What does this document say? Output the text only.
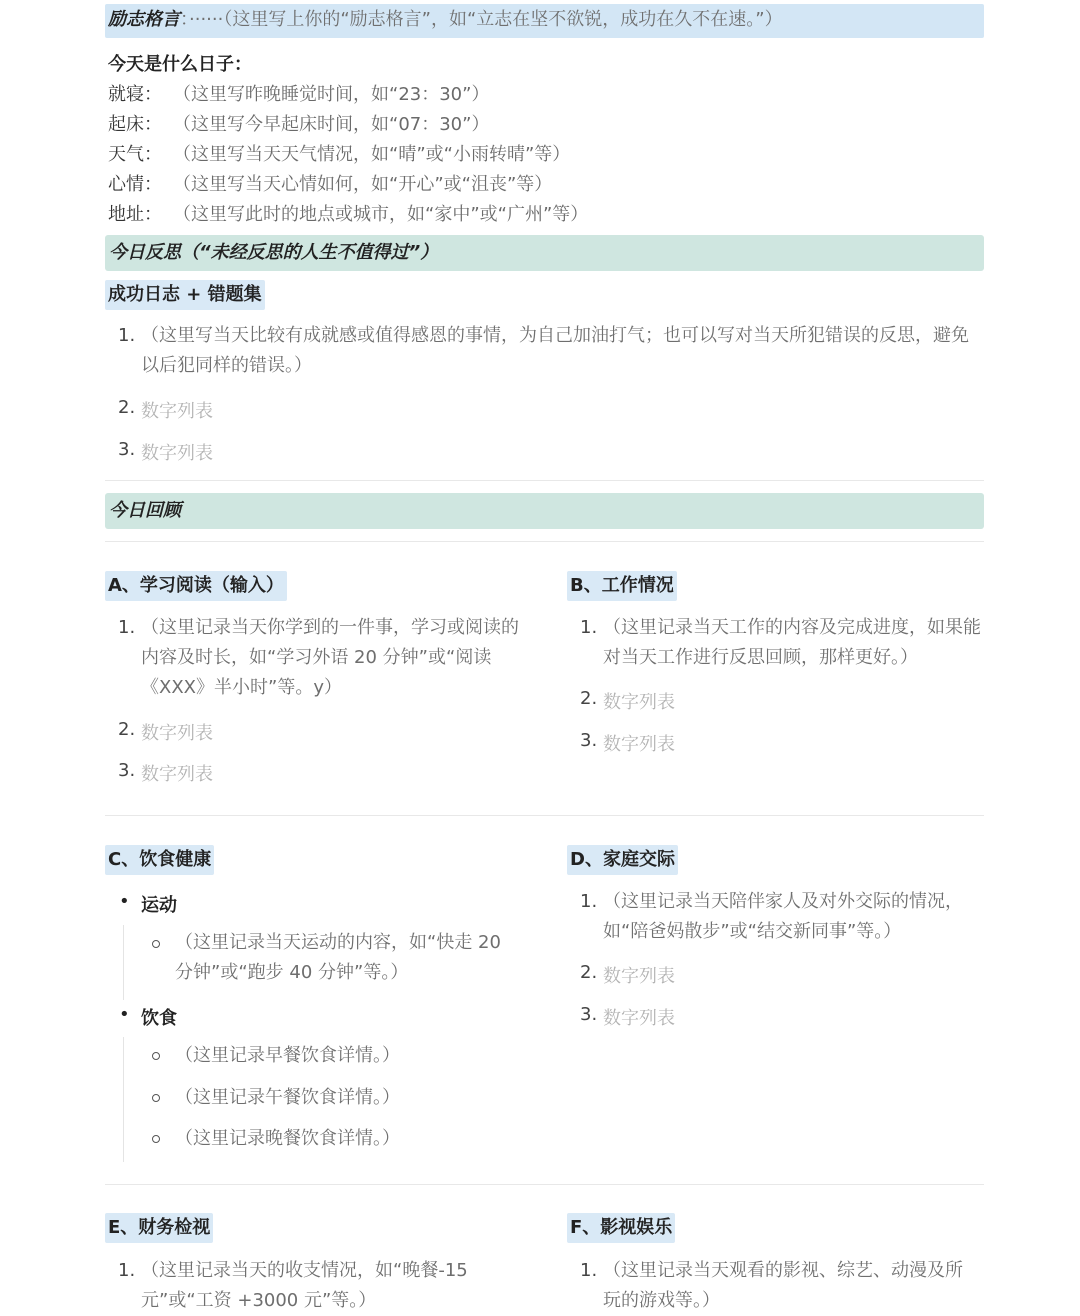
励志格言：······（这里写上你的“励志格言”，如“立志在坚不欲锐，成功在久不在速。”）
今天是什么日子：
就寝： （这里写昨晚睡觉时间，如“23：30”）
起床： （这里写今早起床时间，如“07：30”）
天气： （这里写当天天气情况，如“晴”或“小雨转晴”等）
心情： （这里写当天心情如何，如“开心”或“沮丧”等）
地址： （这里写此时的地点或城市，如“家中”或“广州”等）
今日反思（“未经反思的人生不值得过”）
成功日志 + 错题集
1. （这里写当天比较有成就感或值得感恩的事情，为自己加油打气；也可以写对当天所犯错误的反思，避免以后犯同样的错误。）
2. 数字列表
3. 数字列表
今日回顾
A、学习阅读（输入）
1. （这里记录当天你学到的一件事，学习或阅读的内容及时长，如“学习外语 20 分钟”或“阅读《XXX》半小时”等。y）
2. 数字列表
3. 数字列表
B、工作情况
1. （这里记录当天工作的内容及完成进度，如果能对当天工作进行反思回顾，那样更好。）
2. 数字列表
3. 数字列表
C、饮食健康
• 运动
（这里记录当天运动的内容，如“快走 20 分钟”或“跑步 40 分钟”等。）
• 饮食
（这里记录早餐饮食详情。）
（这里记录午餐饮食详情。）
（这里记录晚餐饮食详情。）
D、家庭交际
1. （这里记录当天陪伴家人及对外交际的情况，如“陪爸妈散步”或“结交新同事”等。）
2. 数字列表
3. 数字列表
E、财务检视
1. （这里记录当天的收支情况，如“晚餐-15 元”或“工资 +3000 元”等。）
F、影视娱乐
1. （这里记录当天观看的影视、综艺、动漫及所玩的游戏等。）
